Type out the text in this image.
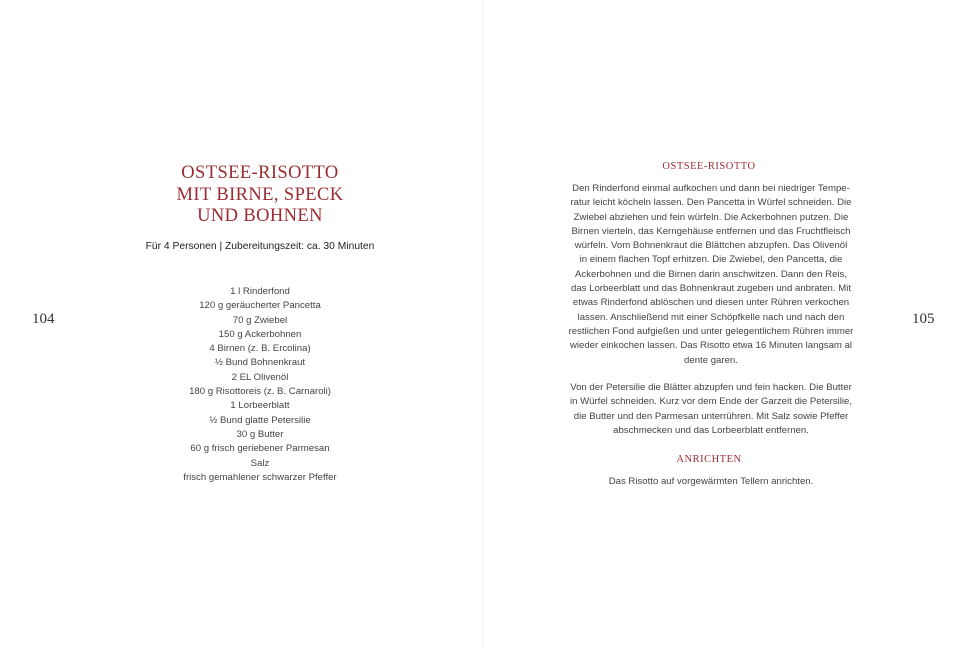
104
OSTSEE-RISOTTO
MIT BIRNE, SPECK
UND BOHNEN
Für 4 Personen | Zubereitungszeit: ca. 30 Minuten
1 l Rinderfond
120 g geräucherter Pancetta
70 g Zwiebel
150 g Ackerbohnen
4 Birnen (z. B. Ercolina)
½ Bund Bohnenkraut
2 EL Olivenöl
180 g Risottoreis (z. B. Carnaroli)
1 Lorbeerblatt
½ Bund glatte Petersilie
30 g Butter
60 g frisch geriebener Parmesan
Salz
frisch gemahlener schwarzer Pfeffer
OSTSEE-RISOTTO
Den Rinderfond einmal aufkochen und dann bei niedriger Tempe-
ratur leicht köcheln lassen. Den Pancetta in Würfel schneiden. Die
Zwiebel abziehen und fein würfeln. Die Ackerbohnen putzen. Die
Birnen vierteln, das Kerngehäuse entfernen und das Fruchtfleisch
würfeln. Vom Bohnenkraut die Blättchen abzupfen. Das Olivenöl
in einem flachen Topf erhitzen. Die Zwiebel, den Pancetta, die
Ackerbohnen und die Birnen darin anschwitzen. Dann den Reis,
das Lorbeerblatt und das Bohnenkraut zugeben und anbraten. Mit
etwas Rinderfond ablöschen und diesen unter Rühren verkochen
lassen. Anschließend mit einer Schöpfkelle nach und nach den
restlichen Fond aufgießen und unter gelegentlichem Rühren immer
wieder einkochen lassen. Das Risotto etwa 16 Minuten langsam al
dente garen.
Von der Petersilie die Blätter abzupfen und fein hacken. Die Butter
in Würfel schneiden. Kurz vor dem Ende der Garzeit die Petersilie,
die Butter und den Parmesan unterrühren. Mit Salz sowie Pfeffer
abschmecken und das Lorbeerblatt entfernen.
ANRICHTEN
Das Risotto auf vorgewärmten Tellern anrichten.
105
